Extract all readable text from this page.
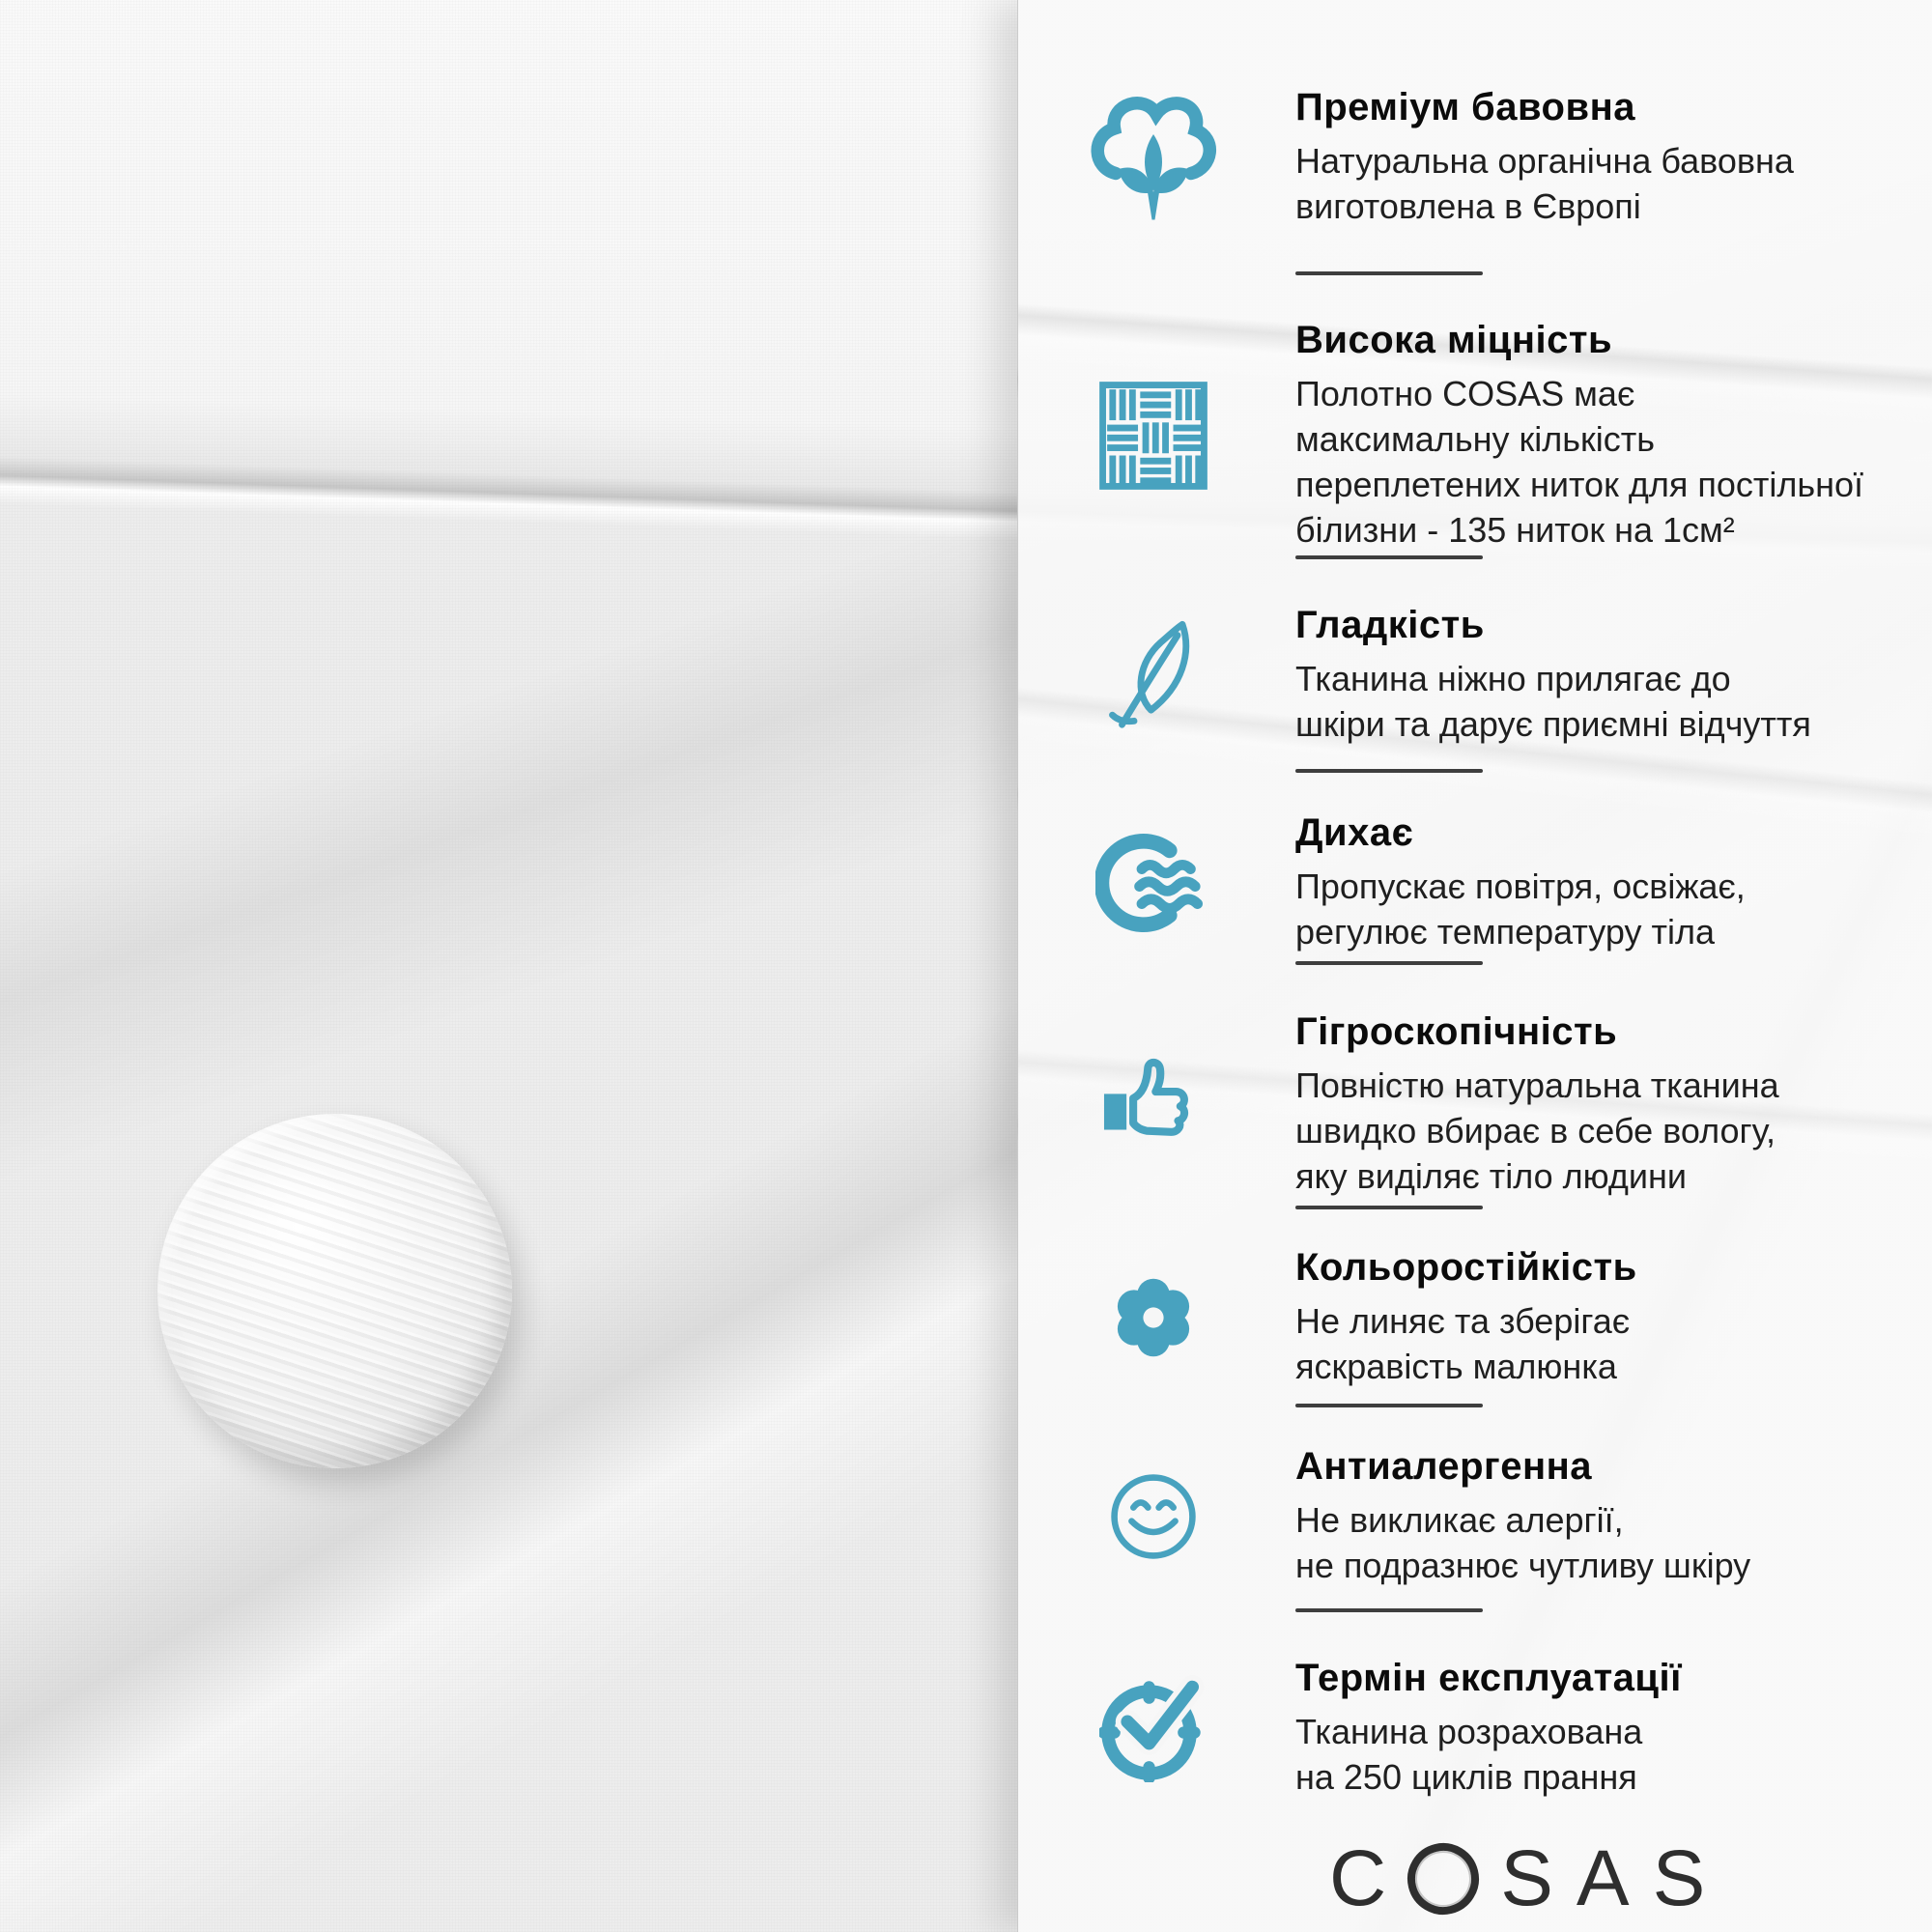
Преміум бавовна
Натуральна органічна бавовна
виготовлена в Європі
Висока міцність
Полотно COSAS має
максимальну кількість
переплетених ниток для постільної
білизни - 135 ниток на 1см²
Гладкість
Тканина ніжно прилягає до
шкіри та дарує приємні відчуття
Дихає
Пропускає повітря, освіжає,
регулює температуру тіла
Гігроскопічність
Повністю натуральна тканина
швидко вбирає в себе вологу,
яку виділяє тіло людини
Кольоростійкість
Не линяє та зберігає
яскравість малюнка
Антиалергенна
Не викликає алергії,
не подразнює чутливу шкіру
Термін експлуатації
Тканина розрахована
на 250 циклів прання
C SAS
